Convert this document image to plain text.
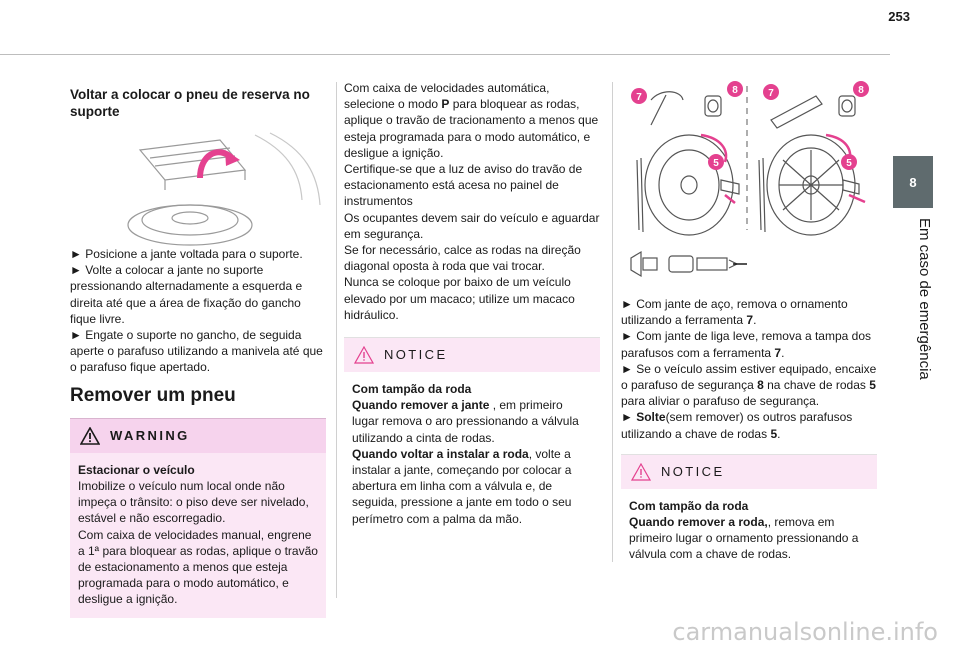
253
8
Em caso de emergência
Voltar a colocar o pneu de reserva no suporte

► Posicione a jante voltada para o suporte.

► Volte a colocar a jante no suporte pressionando alternadamente a esquerda e direita até que a área de fixação do gancho fique livre.

► Engate o suporte no gancho, de seguida aperte o parafuso utilizando a manivela até que o parafuso fique apertado.

Remover um pneu
WARNING

Estacionar o veículo

Imobilize o veículo num local onde não impeça o trânsito: o piso deve ser nivelado, estável e não escorregadio.

Com caixa de velocidades manual, engrene a 1ª para bloquear as rodas, aplique o travão de estacionamento a menos que esteja programada para o modo automático, e desligue a ignição.

Com caixa de velocidades automática, selecione o modo P para bloquear as rodas, aplique o travão de tracionamento a menos que esteja programada para o modo automático, e desligue a ignição.

Certifique-se que a luz de aviso do travão de estacionamento está acesa no painel de instrumentos

Os ocupantes devem sair do veículo e aguardar em segurança.

Se for necessário, calce as rodas na direção diagonal oposta à roda que vai trocar.

Nunca se coloque por baixo de um veículo elevado por um macaco; utilize um macaco hidráulico.

NOTICE

Com tampão da roda

Quando remover a jante , em primeiro lugar remova o aro pressionando a válvula utilizando a cinta de rodas.

Quando voltar a instalar a roda, volte a instalar a jante, começando por colocar a abertura em linha com a válvula e, de seguida, pressione a jante em todo o seu perímetro com a palma da mão.

7
8
5
7	8
5

► Com jante de aço, remova o ornamento utilizando a ferramenta 7.

► Com jante de liga leve, remova a tampa dos parafusos com a ferramenta 7.

► Se o veículo assim estiver equipado, encaixe o parafuso de segurança 8 na chave de rodas 5 para aliviar o parafuso de segurança.

► Solte(sem remover) os outros parafusos utilizando a chave de rodas 5.

NOTICE

Com tampão da roda

Quando remover a roda,, remova em primeiro lugar o ornamento pressionando a válvula com a chave de rodas.

carmanualsonline.info
